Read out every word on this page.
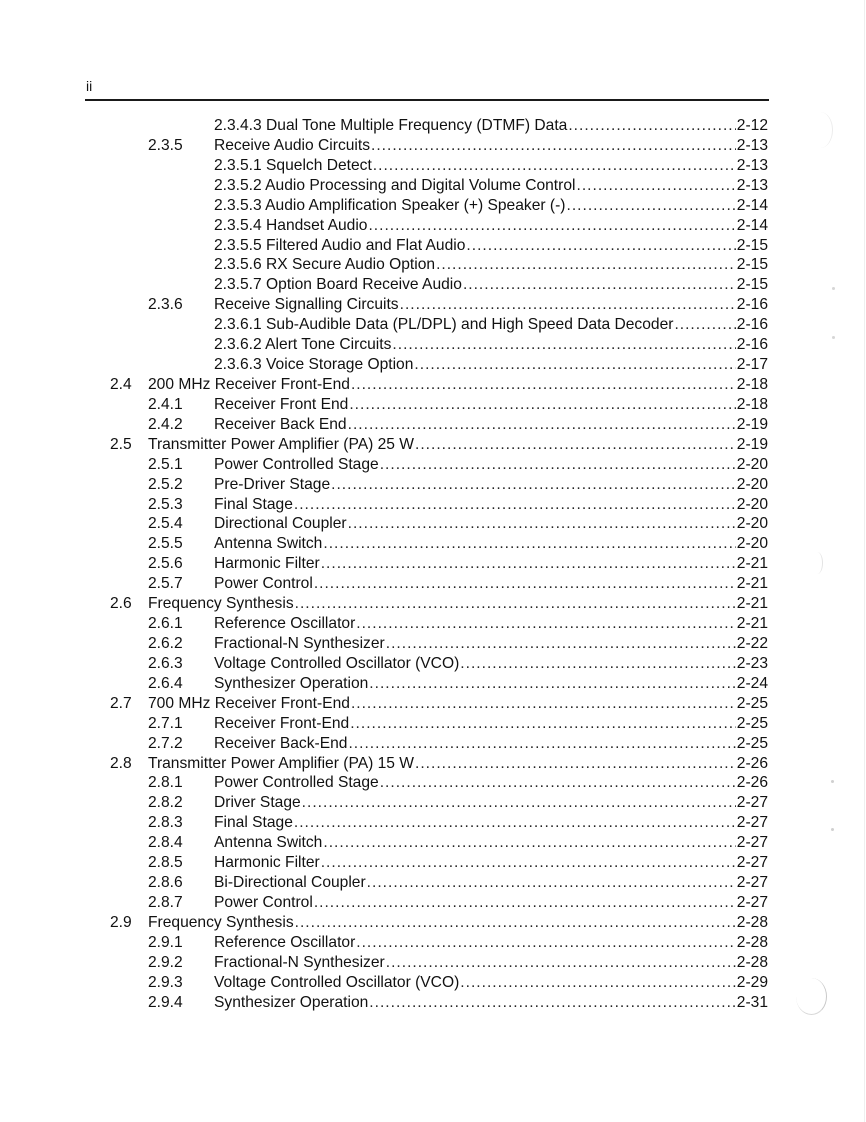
ii
2.3.4.3 Dual Tone Multiple Frequency (DTMF) Data .....	2-12
2.3.5 Receive Audio Circuits .....	2-13
2.3.5.1 Squelch Detect .....	2-13
2.3.5.2 Audio Processing and Digital Volume Control .....	2-13
2.3.5.3 Audio Amplification Speaker (+) Speaker (-) .....	2-14
2.3.5.4 Handset Audio .....	2-14
2.3.5.5 Filtered Audio and Flat Audio .....	2-15
2.3.5.6 RX Secure Audio Option .....	2-15
2.3.5.7 Option Board Receive Audio .....	2-15
2.3.6 Receive Signalling Circuits .....	2-16
2.3.6.1 Sub-Audible Data (PL/DPL) and High Speed Data Decoder .....	2-16
2.3.6.2 Alert Tone Circuits .....	2-16
2.3.6.3 Voice Storage Option .....	2-17
2.4 200 MHz Receiver Front-End .....	2-18
2.4.1 Receiver Front End .....	2-18
2.4.2 Receiver Back End .....	2-19
2.5 Transmitter Power Amplifier (PA) 25 W .....	2-19
2.5.1 Power Controlled Stage .....	2-20
2.5.2 Pre-Driver Stage .....	2-20
2.5.3 Final Stage .....	2-20
2.5.4 Directional Coupler .....	2-20
2.5.5 Antenna Switch .....	2-20
2.5.6 Harmonic Filter .....	2-21
2.5.7 Power Control .....	2-21
2.6 Frequency Synthesis .....	2-21
2.6.1 Reference Oscillator .....	2-21
2.6.2 Fractional-N Synthesizer .....	2-22
2.6.3 Voltage Controlled Oscillator (VCO) .....	2-23
2.6.4 Synthesizer Operation .....	2-24
2.7 700 MHz Receiver Front-End .....	2-25
2.7.1 Receiver Front-End .....	2-25
2.7.2 Receiver Back-End .....	2-25
2.8 Transmitter Power Amplifier (PA) 15 W .....	2-26
2.8.1 Power Controlled Stage .....	2-26
2.8.2 Driver Stage .....	2-27
2.8.3 Final Stage .....	2-27
2.8.4 Antenna Switch .....	2-27
2.8.5 Harmonic Filter .....	2-27
2.8.6 Bi-Directional Coupler .....	2-27
2.8.7 Power Control .....	2-27
2.9 Frequency Synthesis .....	2-28
2.9.1 Reference Oscillator .....	2-28
2.9.2 Fractional-N Synthesizer .....	2-28
2.9.3 Voltage Controlled Oscillator (VCO) .....	2-29
2.9.4 Synthesizer Operation .....	2-31
